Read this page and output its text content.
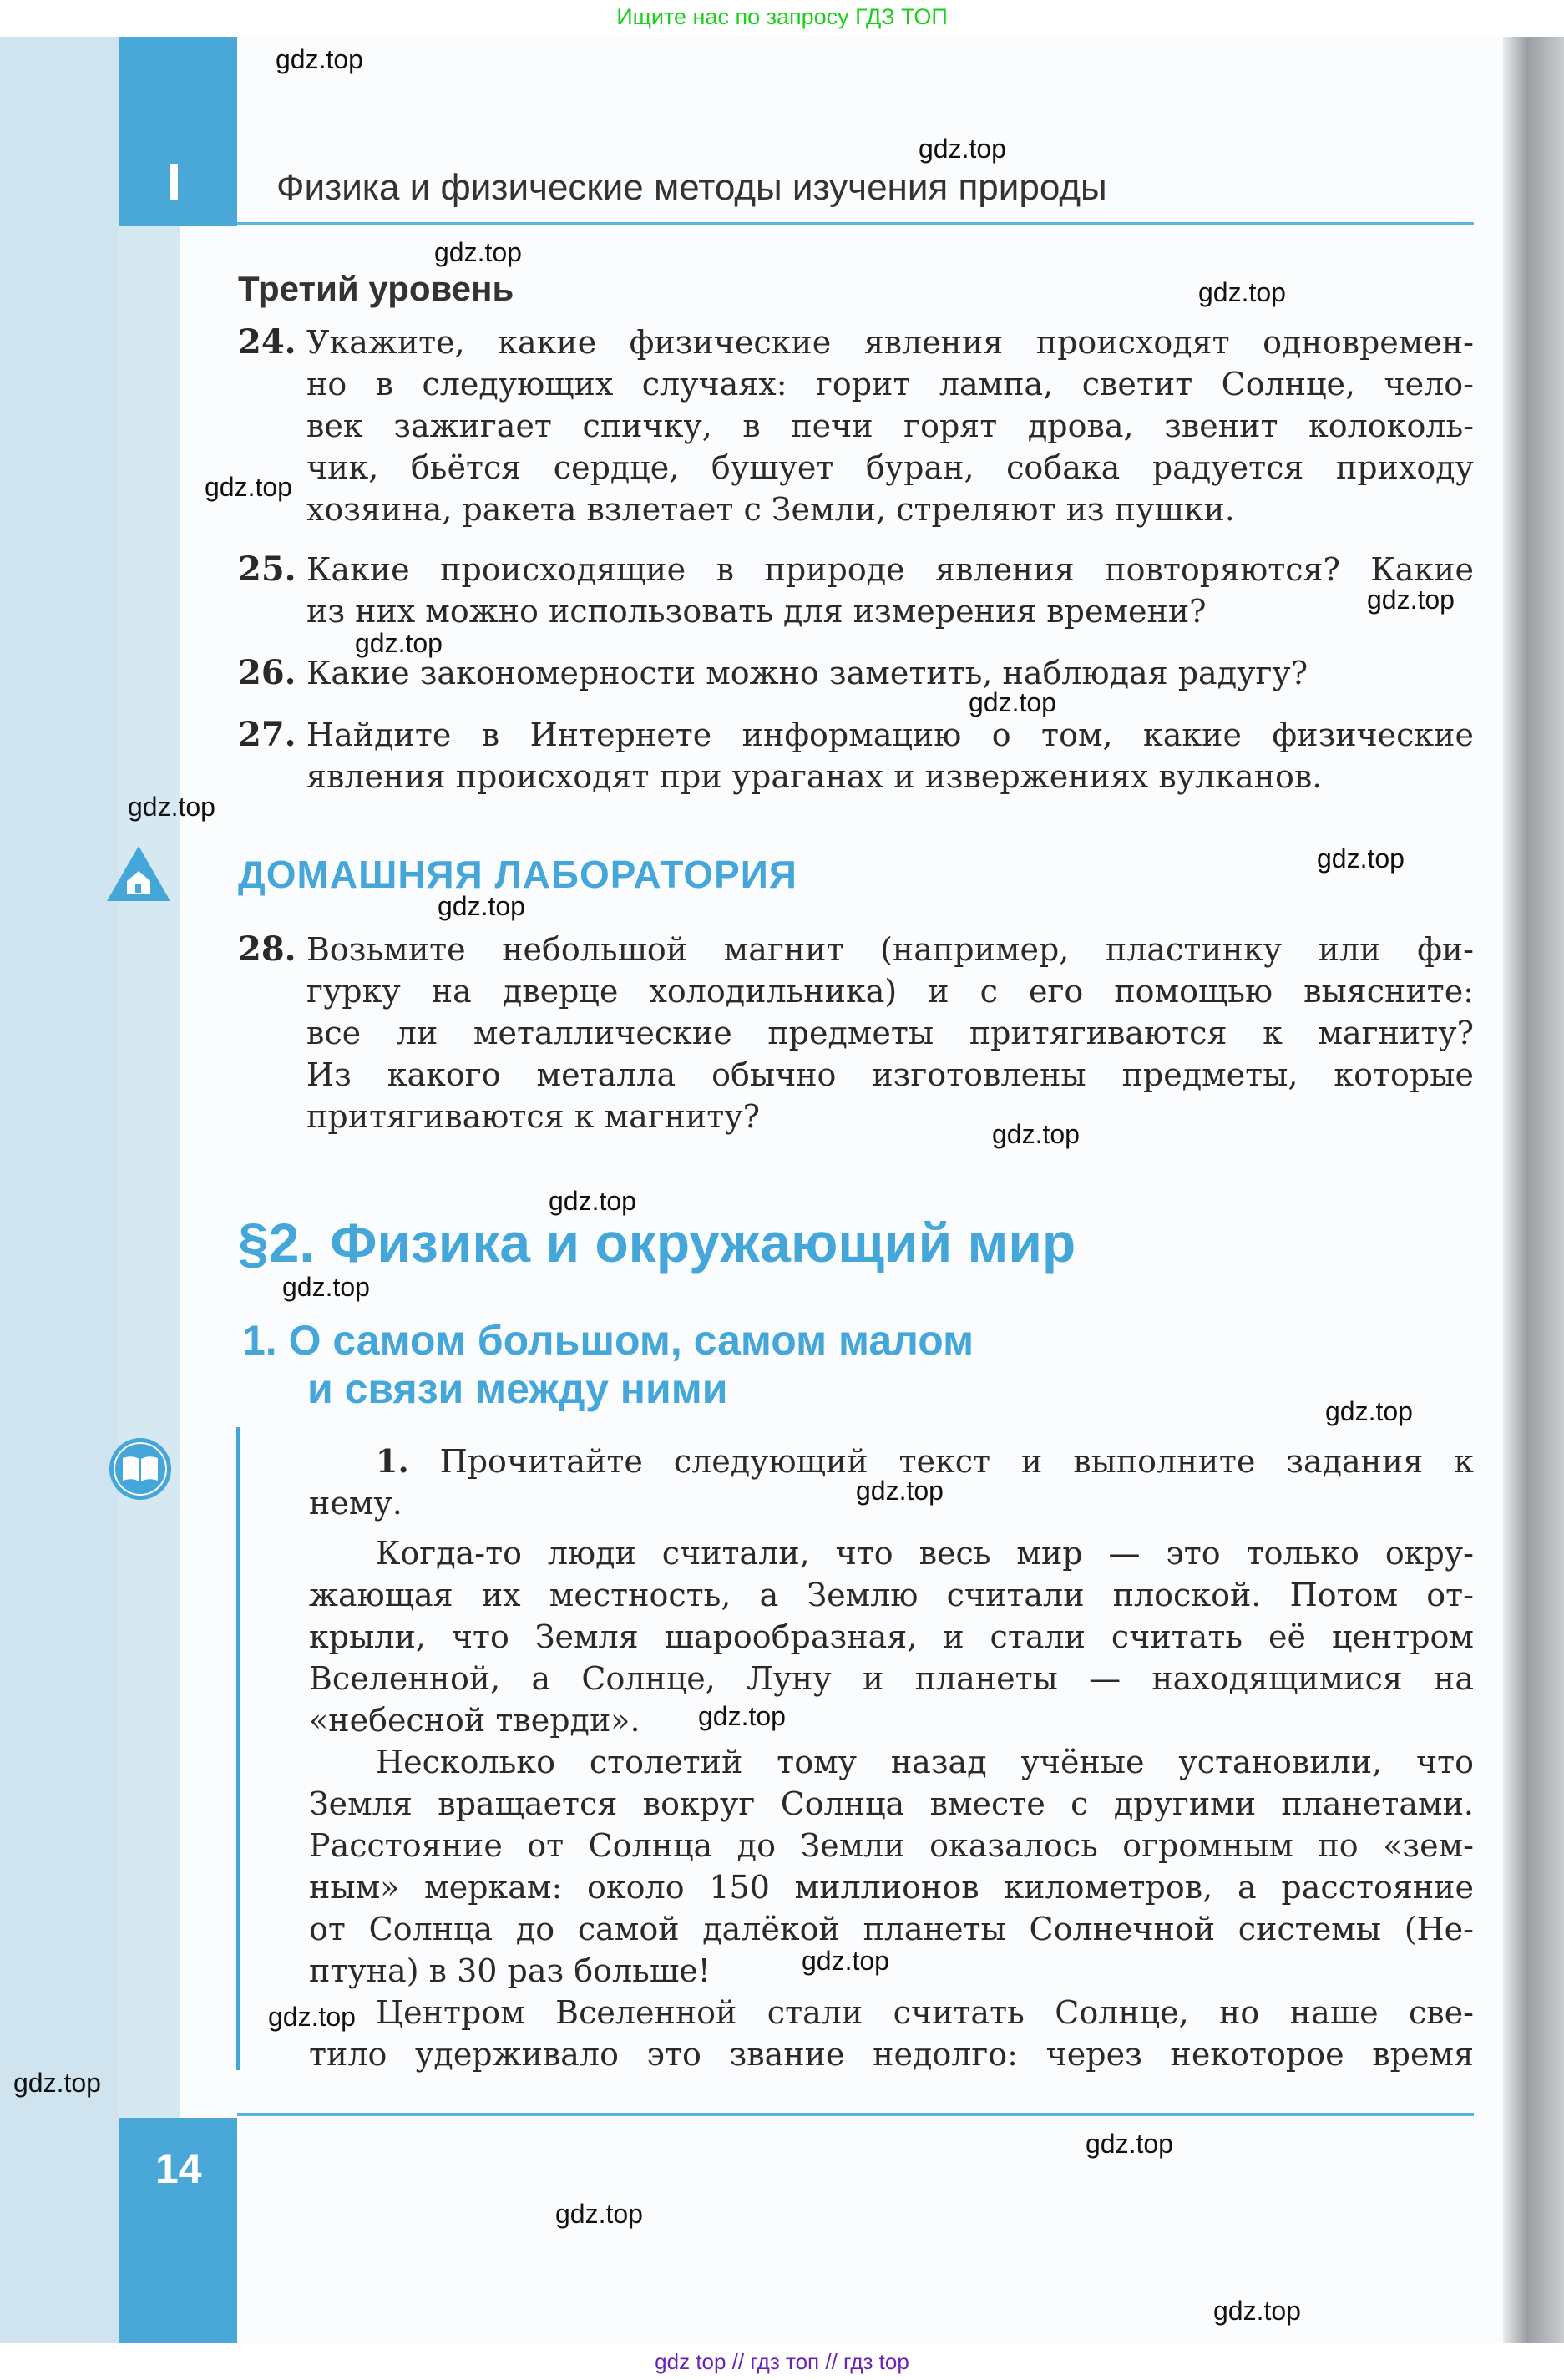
Ищите нас по запросу ГДЗ ТОП
Физика и физические методы изучения природы
Третий уровень
24. Укажите, какие физические явления происходят одновремен-
но в следующих случаях: горит лампа, светит Солнце, чело-
век зажигает спичку, в печи горят дрова, звенит колоколь-
чик, бьётся сердце, бушует буран, собака радуется приходу
хозяина, ракета взлетает с Земли, стреляют из пушки.
25. Какие происходящие в природе явления повторяются? Какие
из них можно использовать для измерения времени?
26. Какие закономерности можно заметить, наблюдая радугу?
27. Найдите в Интернете информацию о том, какие физические
явления происходят при ураганах и извержениях вулканов.
ДОМАШНЯЯ ЛАБОРАТОРИЯ
28. Возьмите небольшой магнит (например, пластинку или фи-
гурку на дверце холодильника) и с его помощью выясните:
все ли металлические предметы притягиваются к магниту?
Из какого металла обычно изготовлены предметы, которые
притягиваются к магниту?
§2. Физика и окружающий мир
1. О самом большом, самом малом
и связи между ними
1. Прочитайте следующий текст и выполните задания к
нему.
Когда-то люди считали, что весь мир — это только окру-
жающая их местность, а Землю считали плоской. Потом от-
крыли, что Земля шарообразная, и стали считать её центром
Вселенной, а Солнце, Луну и планеты — находящимися на
«небесной тверди».
Несколько столетий тому назад учёные установили, что
Земля вращается вокруг Солнца вместе с другими планетами.
Расстояние от Солнца до Земли оказалось огромным по «зем-
ным» меркам: около 150 миллионов километров, а расстояние
от Солнца до самой далёкой планеты Солнечной системы (Не-
птуна) в 30 раз больше!
Центром Вселенной стали считать Солнце, но наше све-
тило удерживало это звание недолго: через некоторое время
14
gdz top // гдз топ // гдз top
gdz.top
gdz.top
gdz.top
gdz.top
gdz.top
gdz.top
gdz.top
gdz.top
gdz.top
gdz.top
gdz.top
gdz.top
gdz.top
gdz.top
gdz.top
gdz.top
gdz.top
gdz.top
gdz.top
gdz.top
gdz.top
gdz.top
gdz.top
